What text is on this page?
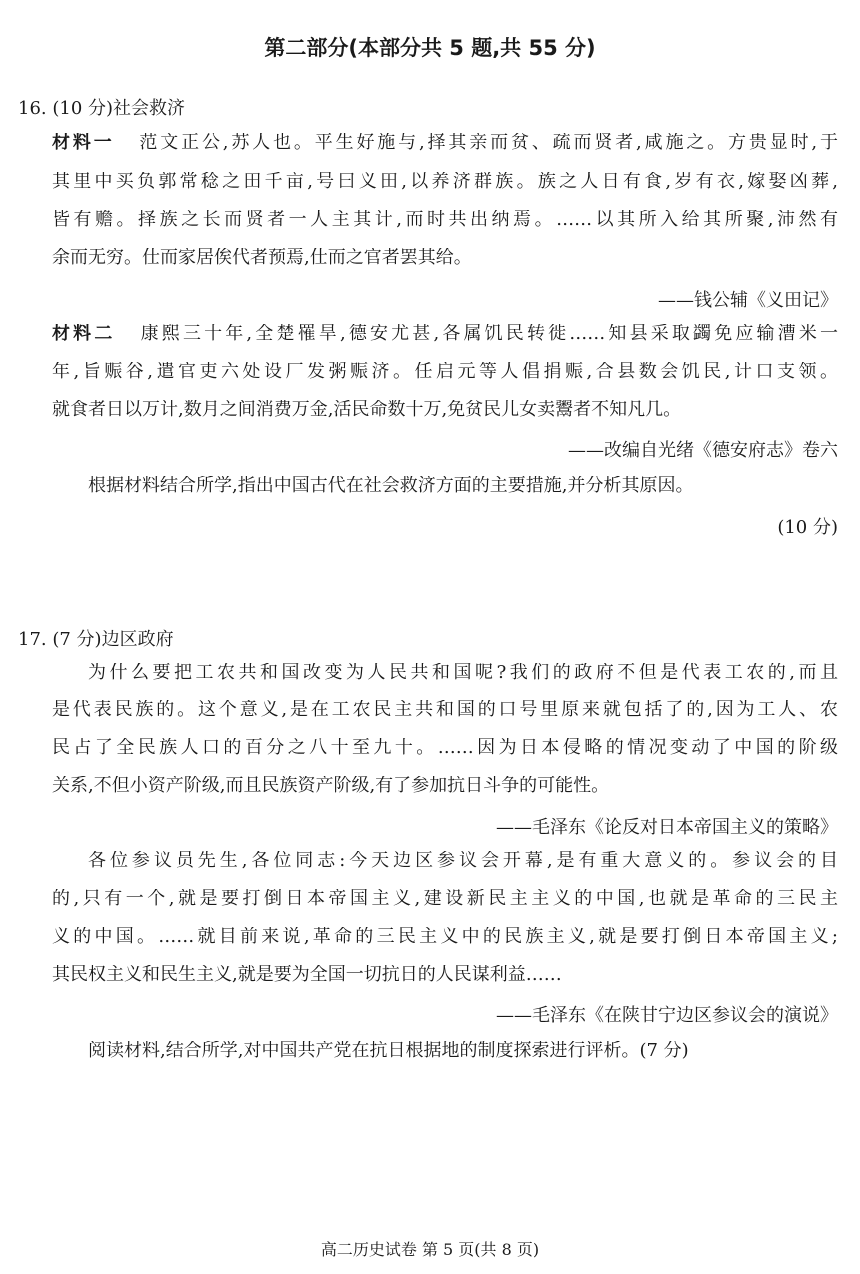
第二部分(本部分共 5 题,共 55 分)
16. (10 分)社会救济
材料一 范文正公,苏人也。平生好施与,择其亲而贫、疏而贤者,咸施之。方贵显时,于
其里中买负郭常稔之田千亩,号曰义田,以养济群族。族之人日有食,岁有衣,嫁娶凶葬,
皆有赡。择族之长而贤者一人主其计,而时共出纳焉。……以其所入给其所聚,沛然有
余而无穷。仕而家居俟代者预焉,仕而之官者罢其给。
——钱公辅《义田记》
材料二 康熙三十年,全楚罹旱,德安尤甚,各属饥民转徙……知县采取蠲免应输漕米一
年,旨赈谷,遣官吏六处设厂发粥赈济。任启元等人倡捐赈,合县数会饥民,计口支领。
就食者日以万计,数月之间消费万金,活民命数十万,免贫民儿女卖鬻者不知凡几。
——改编自光绪《德安府志》卷六
根据材料结合所学,指出中国古代在社会救济方面的主要措施,并分析其原因。
(10 分)
17. (7 分)边区政府
为什么要把工农共和国改变为人民共和国呢?我们的政府不但是代表工农的,而且
是代表民族的。这个意义,是在工农民主共和国的口号里原来就包括了的,因为工人、农
民占了全民族人口的百分之八十至九十。……因为日本侵略的情况变动了中国的阶级
关系,不但小资产阶级,而且民族资产阶级,有了参加抗日斗争的可能性。
——毛泽东《论反对日本帝国主义的策略》
各位参议员先生,各位同志:今天边区参议会开幕,是有重大意义的。参议会的目
的,只有一个,就是要打倒日本帝国主义,建设新民主主义的中国,也就是革命的三民主
义的中国。……就目前来说,革命的三民主义中的民族主义,就是要打倒日本帝国主义;
其民权主义和民生主义,就是要为全国一切抗日的人民谋利益……
——毛泽东《在陕甘宁边区参议会的演说》
阅读材料,结合所学,对中国共产党在抗日根据地的制度探索进行评析。(7 分)
高二历史试卷 第 5 页(共 8 页)
